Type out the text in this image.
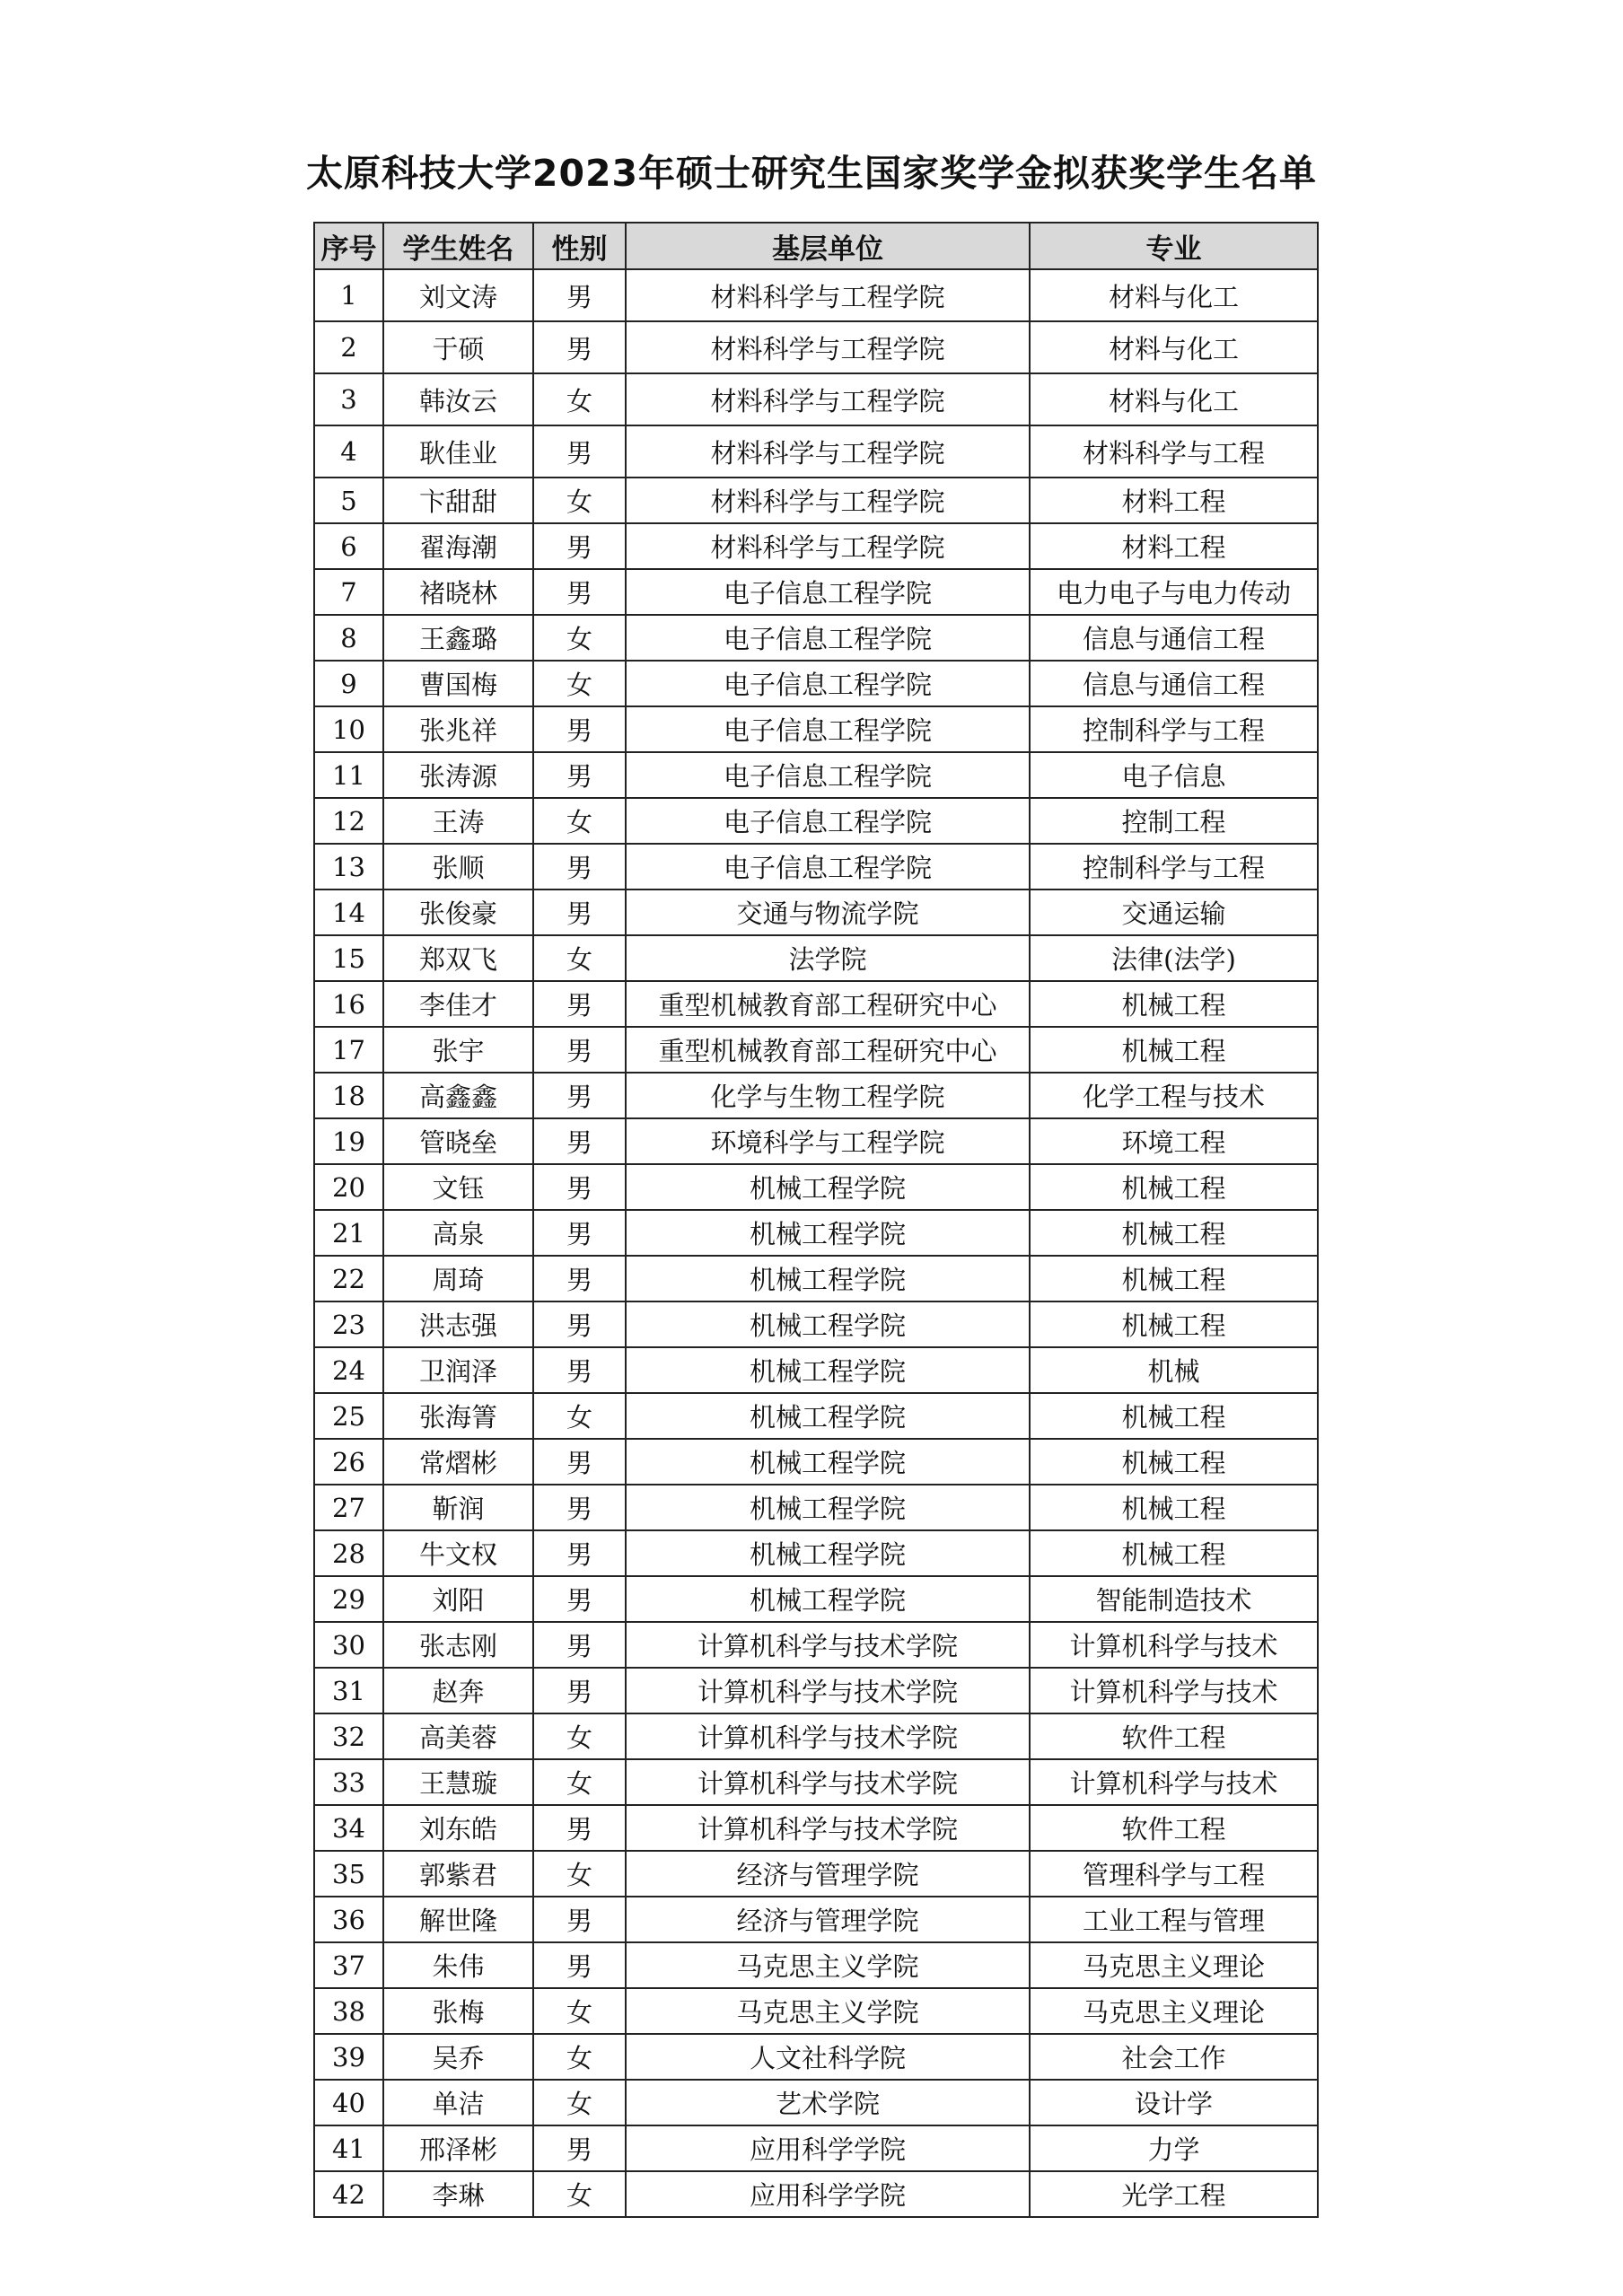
太原科技大学2023年硕士研究生国家奖学金拟获奖学生名单
序号	学生姓名	性别	基层单位	专业
1	刘文涛	男	材料科学与工程学院	材料与化工
2	于硕	男	材料科学与工程学院	材料与化工
3	韩汝云	女	材料科学与工程学院	材料与化工
4	耿佳业	男	材料科学与工程学院	材料科学与工程
5	卞甜甜	女	材料科学与工程学院	材料工程
6	翟海潮	男	材料科学与工程学院	材料工程
7	褚晓林	男	电子信息工程学院	电力电子与电力传动
8	王鑫璐	女	电子信息工程学院	信息与通信工程
9	曹国梅	女	电子信息工程学院	信息与通信工程
10	张兆祥	男	电子信息工程学院	控制科学与工程
11	张涛源	男	电子信息工程学院	电子信息
12	王涛	女	电子信息工程学院	控制工程
13	张顺	男	电子信息工程学院	控制科学与工程
14	张俊豪	男	交通与物流学院	交通运输
15	郑双飞	女	法学院	法律(法学)
16	李佳才	男	重型机械教育部工程研究中心	机械工程
17	张宇	男	重型机械教育部工程研究中心	机械工程
18	高鑫鑫	男	化学与生物工程学院	化学工程与技术
19	管晓垒	男	环境科学与工程学院	环境工程
20	文钰	男	机械工程学院	机械工程
21	高泉	男	机械工程学院	机械工程
22	周琦	男	机械工程学院	机械工程
23	洪志强	男	机械工程学院	机械工程
24	卫润泽	男	机械工程学院	机械
25	张海箐	女	机械工程学院	机械工程
26	常熠彬	男	机械工程学院	机械工程
27	靳润	男	机械工程学院	机械工程
28	牛文权	男	机械工程学院	机械工程
29	刘阳	男	机械工程学院	智能制造技术
30	张志刚	男	计算机科学与技术学院	计算机科学与技术
31	赵奔	男	计算机科学与技术学院	计算机科学与技术
32	高美蓉	女	计算机科学与技术学院	软件工程
33	王慧璇	女	计算机科学与技术学院	计算机科学与技术
34	刘东皓	男	计算机科学与技术学院	软件工程
35	郭紫君	女	经济与管理学院	管理科学与工程
36	解世隆	男	经济与管理学院	工业工程与管理
37	朱伟	男	马克思主义学院	马克思主义理论
38	张梅	女	马克思主义学院	马克思主义理论
39	吴乔	女	人文社科学院	社会工作
40	单洁	女	艺术学院	设计学
41	邢泽彬	男	应用科学学院	力学
42	李琳	女	应用科学学院	光学工程
